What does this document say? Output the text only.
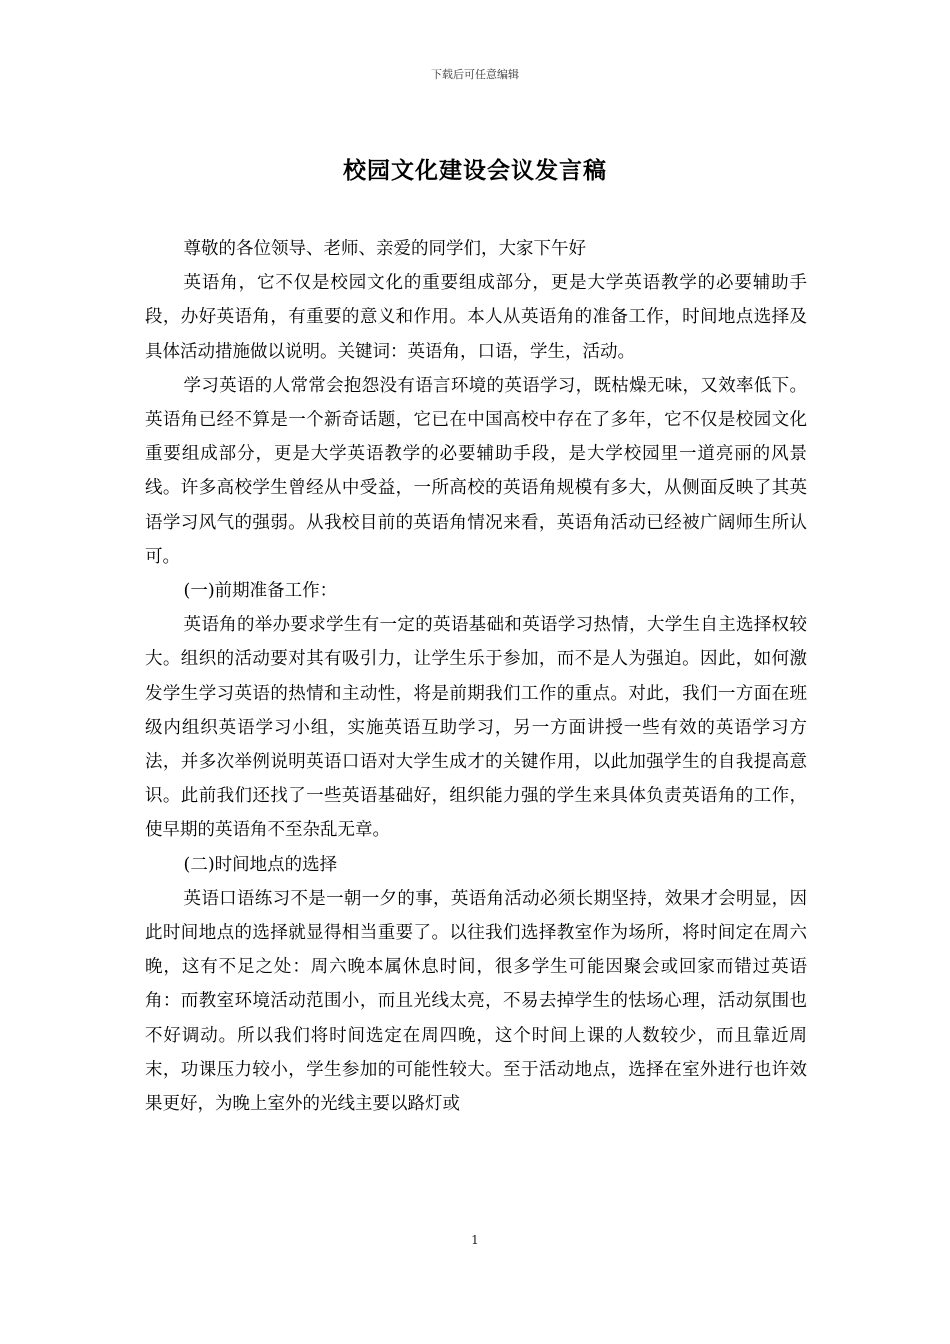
下载后可任意编辑
校园文化建设会议发言稿

尊敬的各位领导、老师、亲爱的同学们，大家下午好

英语角，它不仅是校园文化的重要组成部分，更是大学英语教学的必要辅助手段，办好英语角，有重要的意义和作用。本人从英语角的准备工作，时间地点选择及具体活动措施做以说明。关键词：英语角，口语，学生，活动。

学习英语的人常常会抱怨没有语言环境的英语学习，既枯燥无味，又效率低下。英语角已经不算是一个新奇话题，它已在中国高校中存在了多年，它不仅是校园文化重要组成部分，更是大学英语教学的必要辅助手段，是大学校园里一道亮丽的风景线。许多高校学生曾经从中受益，一所高校的英语角规模有多大，从侧面反映了其英语学习风气的强弱。从我校目前的英语角情况来看，英语角活动已经被广阔师生所认可。

(一)前期准备工作：

英语角的举办要求学生有一定的英语基础和英语学习热情，大学生自主选择权较大。组织的活动要对其有吸引力，让学生乐于参加，而不是人为强迫。因此，如何激发学生学习英语的热情和主动性，将是前期我们工作的重点。对此，我们一方面在班级内组织英语学习小组，实施英语互助学习，另一方面讲授一些有效的英语学习方法，并多次举例说明英语口语对大学生成才的关键作用，以此加强学生的自我提高意识。此前我们还找了一些英语基础好，组织能力强的学生来具体负责英语角的工作，使早期的英语角不至杂乱无章。

(二)时间地点的选择

英语口语练习不是一朝一夕的事，英语角活动必须长期坚持，效果才会明显，因此时间地点的选择就显得相当重要了。以往我们选择教室作为场所，将时间定在周六晚，这有不足之处：周六晚本属休息时间，很多学生可能因聚会或回家而错过英语角：而教室环境活动范围小，而且光线太亮，不易去掉学生的怯场心理，活动氛围也不好调动。所以我们将时间选定在周四晚，这个时间上课的人数较少，而且靠近周末，功课压力较小，学生参加的可能性较大。至于活动地点，选择在室外进行也许效果更好，为晚上室外的光线主要以路灯或

1
